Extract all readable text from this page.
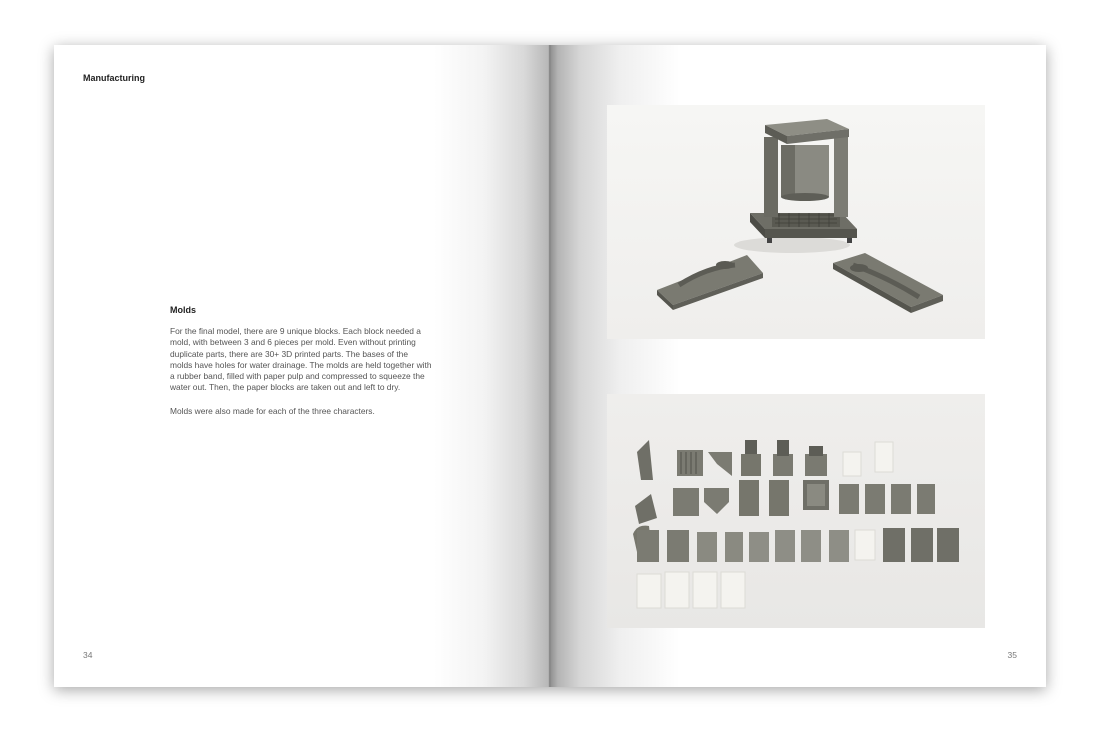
Manufacturing
Molds

For the final model, there are 9 unique blocks. Each block needed a mold, with between 3 and 6 pieces per mold. Even without printing duplicate parts, there are 30+ 3D printed parts. The bases of the molds have holes for water drainage. The molds are held together with a rubber band, filled with paper pulp and compressed to squeeze the water out. Then, the paper blocks are taken out and left to dry.

Molds were also made for each of the three characters.

34	35
